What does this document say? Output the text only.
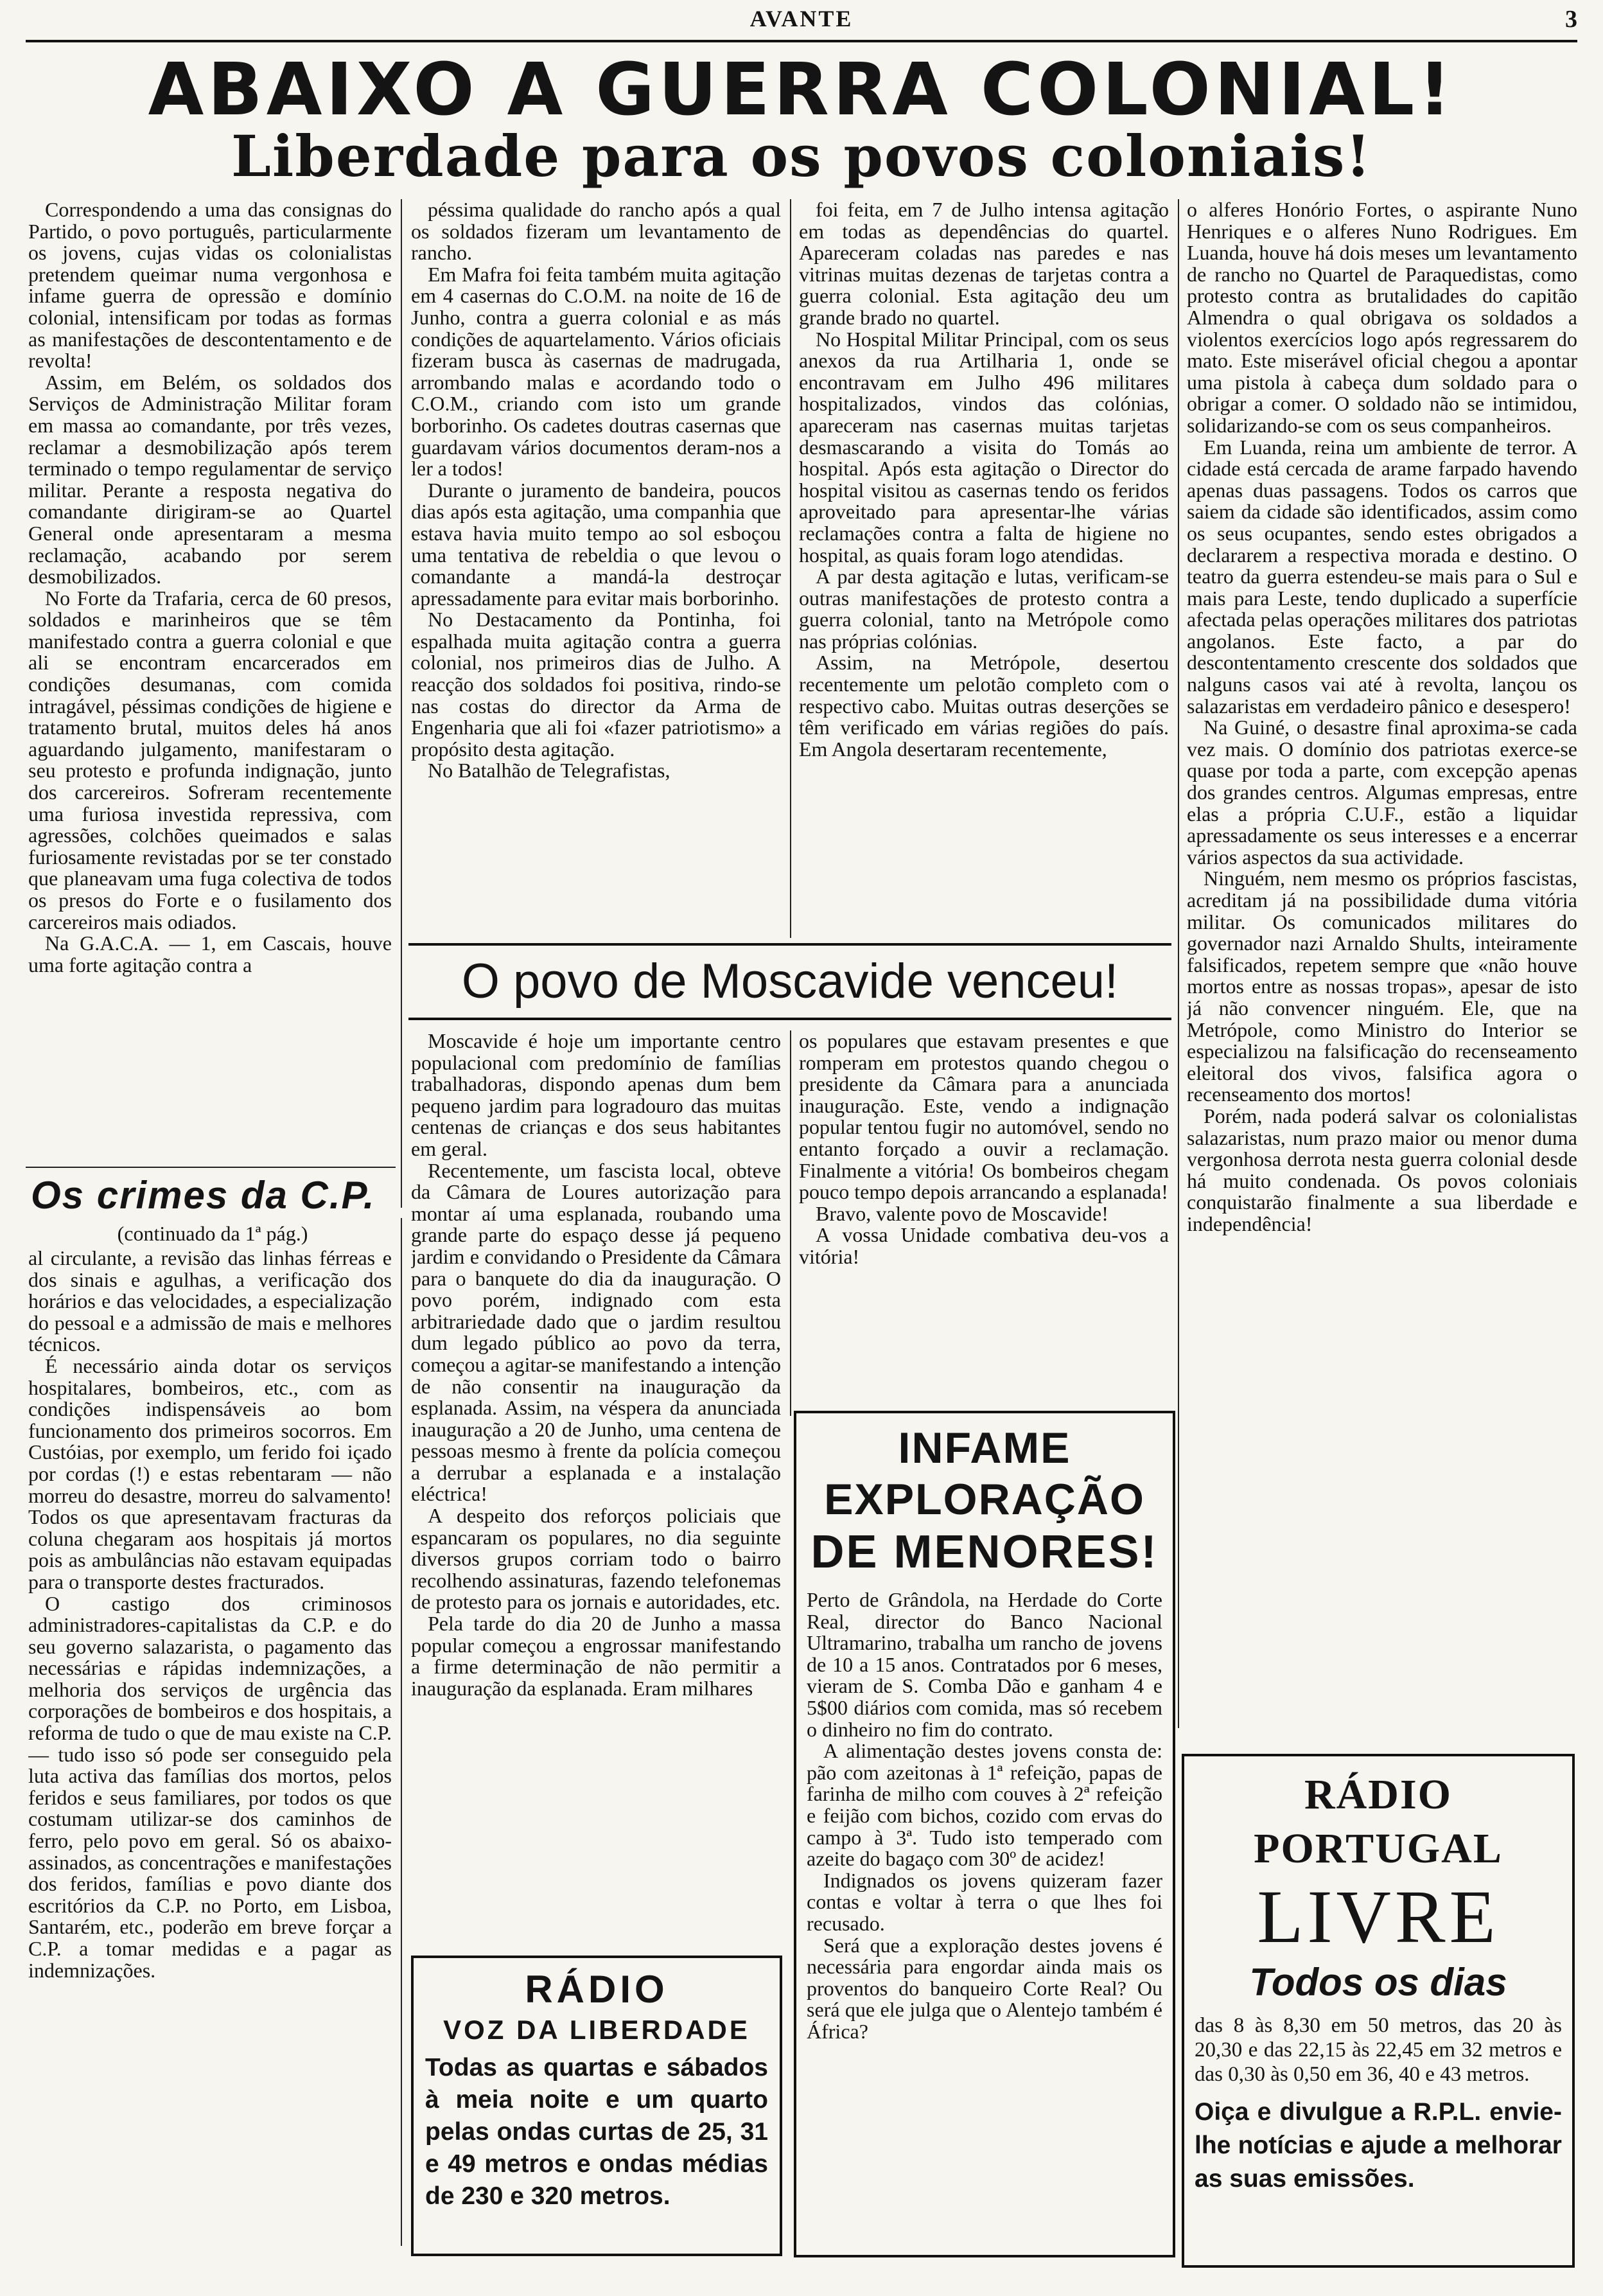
AVANTE	3
ABAIXO A GUERRA COLONIAL!
Liberdade para os povos coloniais!

Correspondendo a uma das consignas do Partido, o povo português, particularmente os jovens, cujas vidas os colonialistas pretendem queimar numa vergonhosa e infame guerra de opressão e domínio colonial, intensificam por todas as formas as manifestações de descontentamento e de revolta!

Assim, em Belém, os soldados dos Serviços de Administração Militar foram em massa ao comandante, por três vezes, reclamar a desmobilização após terem terminado o tempo regulamentar de serviço militar. Perante a resposta negativa do comandante dirigiram-se ao Quartel General onde apresentaram a mesma reclamação, acabando por serem desmobilizados.

No Forte da Trafaria, cerca de 60 presos, soldados e marinheiros que se têm manifestado contra a guerra colonial e que ali se encontram encarcerados em condições desumanas, com comida intragável, péssimas condições de higiene e tratamento brutal, muitos deles há anos aguardando julgamento, manifestaram o seu protesto e profunda indignação, junto dos carcereiros. Sofreram recentemente uma furiosa investida repressiva, com agressões, colchões queimados e salas furiosamente revistadas por se ter constado que planeavam uma fuga colectiva de todos os presos do Forte e o fusilamento dos carcereiros mais odiados.

Na G.A.C.A. — 1, em Cascais, houve uma forte agitação contra a

péssima qualidade do rancho após a qual os soldados fizeram um levantamento de rancho.

Em Mafra foi feita também muita agitação em 4 casernas do C.O.M. na noite de 16 de Junho, contra a guerra colonial e as más condições de aquartelamento. Vários oficiais fizeram busca às casernas de madrugada, arrombando malas e acordando todo o C.O.M., criando com isto um grande borborinho. Os cadetes doutras casernas que guardavam vários documentos deram-nos a ler a todos!

Durante o juramento de bandeira, poucos dias após esta agitação, uma companhia que estava havia muito tempo ao sol esboçou uma tentativa de rebeldia o que levou o comandante a mandá-la destroçar apressadamente para evitar mais borborinho.

No Destacamento da Pontinha, foi espalhada muita agitação contra a guerra colonial, nos primeiros dias de Julho. A reacção dos soldados foi positiva, rindo-se nas costas do director da Arma de Engenharia que ali foi «fazer patriotismo» a propósito desta agitação.

No Batalhão de Telegrafistas,

foi feita, em 7 de Julho intensa agitação em todas as dependências do quartel. Apareceram coladas nas paredes e nas vitrinas muitas dezenas de tarjetas contra a guerra colonial. Esta agitação deu um grande brado no quartel.

No Hospital Militar Principal, com os seus anexos da rua Artilharia 1, onde se encontravam em Julho 496 militares hospitalizados, vindos das colónias, apareceram nas casernas muitas tarjetas desmascarando a visita do Tomás ao hospital. Após esta agitação o Director do hospital visitou as casernas tendo os feridos aproveitado para apresentar-lhe várias reclamações contra a falta de higiene no hospital, as quais foram logo atendidas.

A par desta agitação e lutas, verificam-se outras manifestações de protesto contra a guerra colonial, tanto na Metrópole como nas próprias colónias.

Assim, na Metrópole, desertou recentemente um pelotão completo com o respectivo cabo. Muitas outras deserções se têm verificado em várias regiões do país. Em Angola desertaram recentemente,

o alferes Honório Fortes, o aspirante Nuno Henriques e o alferes Nuno Rodrigues. Em Luanda, houve há dois meses um levantamento de rancho no Quartel de Paraquedistas, como protesto contra as brutalidades do capitão Almendra o qual obrigava os soldados a violentos exercícios logo após regressarem do mato. Este miserável oficial chegou a apontar uma pistola à cabeça dum soldado para o obrigar a comer. O soldado não se intimidou, solidarizando-se com os seus companheiros.

Em Luanda, reina um ambiente de terror. A cidade está cercada de arame farpado havendo apenas duas passagens. Todos os carros que saiem da cidade são identificados, assim como os seus ocupantes, sendo estes obrigados a declararem a respectiva morada e destino. O teatro da guerra estendeu-se mais para o Sul e mais para Leste, tendo duplicado a superfície afectada pelas operações militares dos patriotas angolanos. Este facto, a par do descontentamento crescente dos soldados que nalguns casos vai até à revolta, lançou os salazaristas em verdadeiro pânico e desespero!

Na Guiné, o desastre final aproxima-se cada vez mais. O domínio dos patriotas exerce-se quase por toda a parte, com excepção apenas dos grandes centros. Algumas empresas, entre elas a própria C.U.F., estão a liquidar apressadamente os seus interesses e a encerrar vários aspectos da sua actividade.

Ninguém, nem mesmo os próprios fascistas, acreditam já na possibilidade duma vitória militar. Os comunicados militares do governador nazi Arnaldo Shults, inteiramente falsificados, repetem sempre que «não houve mortos entre as nossas tropas», apesar de isto já não convencer ninguém. Ele, que na Metrópole, como Ministro do Interior se especializou na falsificação do recenseamento eleitoral dos vivos, falsifica agora o recenseamento dos mortos!

Porém, nada poderá salvar os colonialistas salazaristas, num prazo maior ou menor duma vergonhosa derrota nesta guerra colonial desde há muito condenada. Os povos coloniais conquistarão finalmente a sua liberdade e independência!

Os crimes da C.P.
(continuado da 1ª pág.)

al circulante, a revisão das linhas férreas e dos sinais e agulhas, a verificação dos horários e das velocidades, a especialização do pessoal e a admissão de mais e melhores técnicos.

É necessário ainda dotar os serviços hospitalares, bombeiros, etc., com as condições indispensáveis ao bom funcionamento dos primeiros socorros. Em Custóias, por exemplo, um ferido foi içado por cordas (!) e estas rebentaram — não morreu do desastre, morreu do salvamento! Todos os que apresentavam fracturas da coluna chegaram aos hospitais já mortos pois as ambulâncias não estavam equipadas para o transporte destes fracturados.

O castigo dos criminosos administradores-capitalistas da C.P. e do seu governo salazarista, o pagamento das necessárias e rápidas indemnizações, a melhoria dos serviços de urgência das corporações de bombeiros e dos hospitais, a reforma de tudo o que de mau existe na C.P. — tudo isso só pode ser conseguido pela luta activa das famílias dos mortos, pelos feridos e seus familiares, por todos os que costumam utilizar-se dos caminhos de ferro, pelo povo em geral. Só os abaixo-assinados, as concentrações e manifestações dos feridos, famílias e povo diante dos escritórios da C.P. no Porto, em Lisboa, Santarém, etc., poderão em breve forçar a C.P. a tomar medidas e a pagar as indemnizações.

O povo de Moscavide venceu!

Moscavide é hoje um importante centro populacional com predomínio de famílias trabalhadoras, dispondo apenas dum bem pequeno jardim para logradouro das muitas centenas de crianças e dos seus habitantes em geral.

Recentemente, um fascista local, obteve da Câmara de Loures autorização para montar aí uma esplanada, roubando uma grande parte do espaço desse já pequeno jardim e convidando o Presidente da Câmara para o banquete do dia da inauguração. O povo porém, indignado com esta arbitrariedade dado que o jardim resultou dum legado público ao povo da terra, começou a agitar-se manifestando a intenção de não consentir na inauguração da esplanada. Assim, na véspera da anunciada inauguração a 20 de Junho, uma centena de pessoas mesmo à frente da polícia começou a derrubar a esplanada e a instalação eléctrica!

A despeito dos reforços policiais que espancaram os populares, no dia seguinte diversos grupos corriam todo o bairro recolhendo assinaturas, fazendo telefonemas de protesto para os jornais e autoridades, etc.

Pela tarde do dia 20 de Junho a massa popular começou a engrossar manifestando a firme determinação de não permitir a inauguração da esplanada. Eram milhares

os populares que estavam presentes e que romperam em protestos quando chegou o presidente da Câmara para a anunciada inauguração. Este, vendo a indignação popular tentou fugir no automóvel, sendo no entanto forçado a ouvir a reclamação. Finalmente a vitória! Os bombeiros chegam pouco tempo depois arrancando a esplanada!

Bravo, valente povo de Moscavide!

A vossa Unidade combativa deu-vos a vitória!

INFAME EXPLORAÇÃO
DE MENORES!

Perto de Grândola, na Herdade do Corte Real, director do Banco Nacional Ultramarino, trabalha um rancho de jovens de 10 a 15 anos. Contratados por 6 meses, vieram de S. Comba Dão e ganham 4 e 5$00 diários com comida, mas só recebem o dinheiro no fim do contrato.

A alimentação destes jovens consta de: pão com azeitonas à 1ª refeição, papas de farinha de milho com couves à 2ª refeição e feijão com bichos, cozido com ervas do campo à 3ª. Tudo isto temperado com azeite do bagaço com 30º de acidez!

Indignados os jovens quizeram fazer contas e voltar à terra o que lhes foi recusado.

Será que a exploração destes jovens é necessária para engordar ainda mais os proventos do banqueiro Corte Real? Ou será que ele julga que o Alentejo também é África?

RÁDIO
VOZ DA LIBERDADE
Todas as quartas e sábados à meia noite e um quarto pelas ondas curtas de 25, 31 e 49 metros e ondas médias de 230 e 320 metros.
RÁDIO PORTUGAL
LIVRE
Todos os dias
das 8 às 8,30 em 50 metros, das 20 às 20,30 e das 22,15 às 22,45 em 32 metros e das 0,30 às 0,50 em 36, 40 e 43 metros.
Oiça e divulgue a R.P.L. envie-lhe notícias e ajude a melhorar as suas emissões.
